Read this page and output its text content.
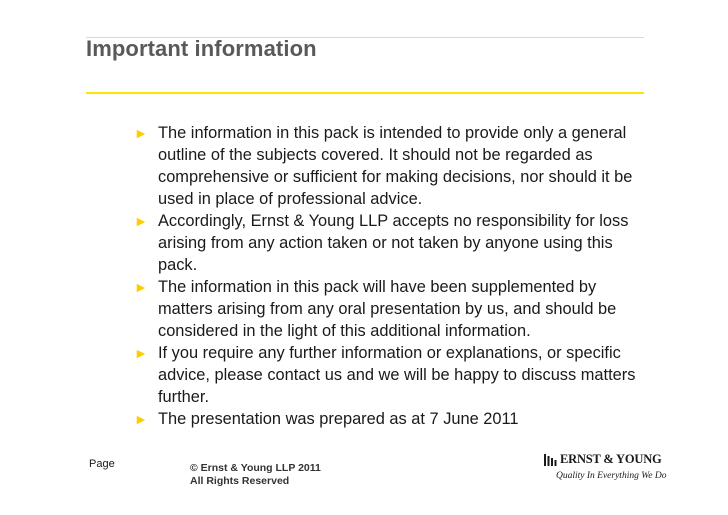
Important information
► The information in this pack is intended to provide only a general outline of the subjects covered. It should not be regarded as comprehensive or sufficient for making decisions, nor should it be used in place of professional advice.
► Accordingly, Ernst & Young LLP accepts no responsibility for loss arising from any action taken or not taken by anyone using this pack.
► The information in this pack will have been supplemented by matters arising from any oral presentation by us, and should be considered in the light of this additional information.
► If you require any further information or explanations, or specific advice, please contact us and we will be happy to discuss matters further.
► The presentation was prepared as at 7 June 2011
Page	© Ernst & Young LLP 2011
All Rights Reserved
ERNST & YOUNG
Quality In Everything We Do
